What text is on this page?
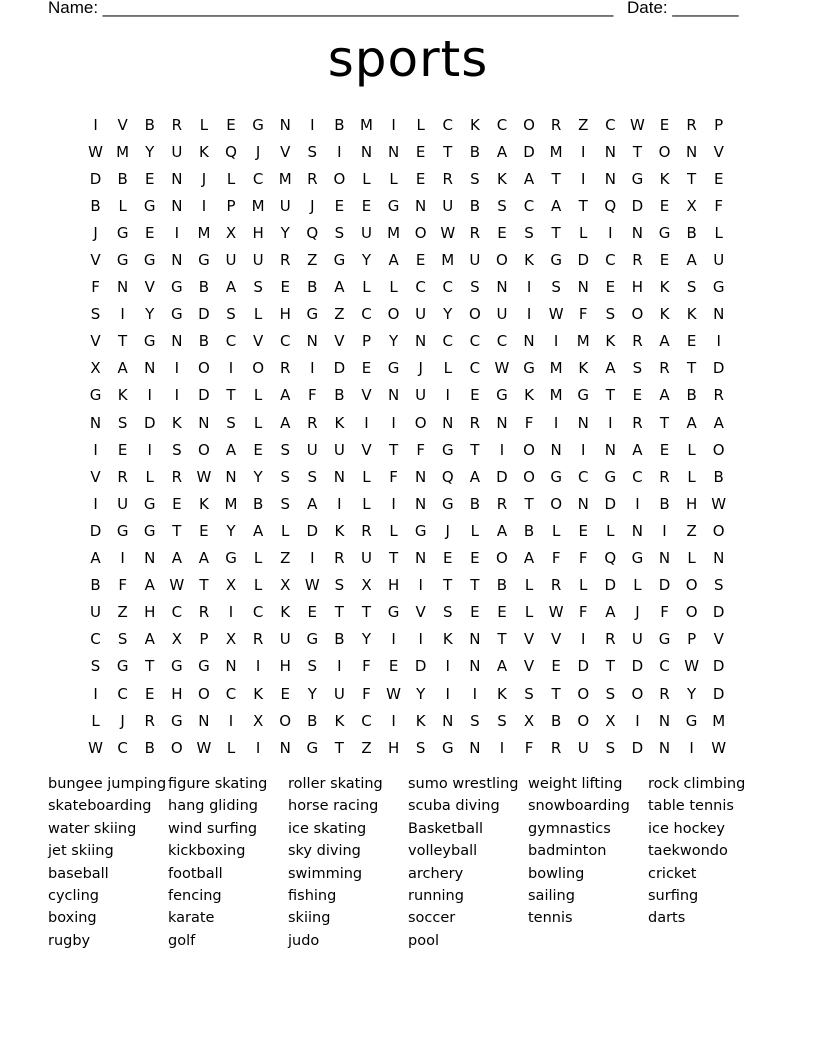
Name: ______________________________________________________ Date: _______
sports
I	V	B	R	L	E	G	N	I	B	M	I	L	C	K	C	O	R	Z	C W E	R	P
W M	Y	U	K	Q	J	V	S	I	N	N	E	T	B	A	D M	I	N	T	O	N	V
D	B	E	N	J	L	C	M	R	O	L	L	E	R	S	K	A	T	I	N	G	K	T	E
B	L	G	N	I	P	M	U	J	E	E	G	N	U	B	S	C	A	T	Q	D	E	X	F
J	G	E	I	M	X	H	Y	Q	S	U	M O W R	E	S	T	L	I	N	G	B	L
V	G	G	N	G	U	U	R	Z	G	Y	A	E	M	U	O	K	G	D	C	R	E	A	U
F	N	V	G	B	A	S	E	B	A	L	L	C	C	S	N	I	S	N	E	H	K	S	G
S	I	Y	G	D	S	L	H	G	Z	C	O	U	Y	O	U	I	W	F	S	O	K	K	N
V	T	G	N	B	C	V	C	N	V	P	Y	N	C	C	C	N	I	M	K	R	A	E	I
X	A	N	I	O	I	O	R	I	D	E	G	J	L	C W G M	K	A	S	R	T	D
G	K	I	I	D	T	L	A	F	B	V	N	U	I	E	G	K	M G	T	E	A	B	R
N	S	D	K	N	S	L	A	R	K	I	I	O	N	R	N	F	I	N	I	R	T	A	A
I	E	I	S	O	A	E	S	U	U	V	T	F	G	T	I	O	N	I	N	A	E	L	O
V	R	L	R W N	Y	S	S	N	L	F	N	Q	A	D	O	G	C	G	C	R	L	B
I	U	G	E	K	M	B	S	A	I	L	I	N	G	B	R	T	O	N	D	I	B	H W
D	G	G	T	E	Y	A	L	D	K	R	L	G	J	L	A	B	L	E	L	N	I	Z	O
A	I	N	A	A	G	L	Z	I	R	U	T	N	E	E	O	A	F	F	Q	G	N	L	N
B	F	A W	T	X	L	X W S	X	H	I	T	T	B	L	R	L	D	L	D	O	S
U	Z	H	C	R	I	C	K	E	T	T	G	V	S	E	E	L	W	F	A	J	F	O	D
C	S	A	X	P	X	R	U	G	B	Y	I	I	K	N	T	V	V	I	R	U	G	P	V
S	G	T	G	G	N	I	H	S	I	F	E	D	I	N	A	V	E	D	T	D	C W D
I	C	E	H	O	C	K	E	Y	U	F	W	Y	I	I	K	S	T	O	S	O	R	Y	D
L	J	R	G	N	I	X	O	B	K	C	I	K	N	S	S	X	B	O	X	I	N	G M
W C	B	O W	L	I	N	G	T	Z	H	S	G	N	I	F	R	U	S	D	N	I	W
bungee jumping
skateboarding
water skiing
jet skiing
baseball
cycling
boxing
rugby
figure skating
hang gliding
wind surfing
kickboxing
football
fencing
karate
golf
roller skating
horse racing
ice skating
sky diving
swimming
fishing
skiing
judo
sumo wrestling
scuba diving
Basketball
volleyball
archery
running
soccer
pool
weight lifting
snowboarding
gymnastics
badminton
bowling
sailing
tennis
rock climbing
table tennis
ice hockey
taekwondo
cricket
surfing
darts
